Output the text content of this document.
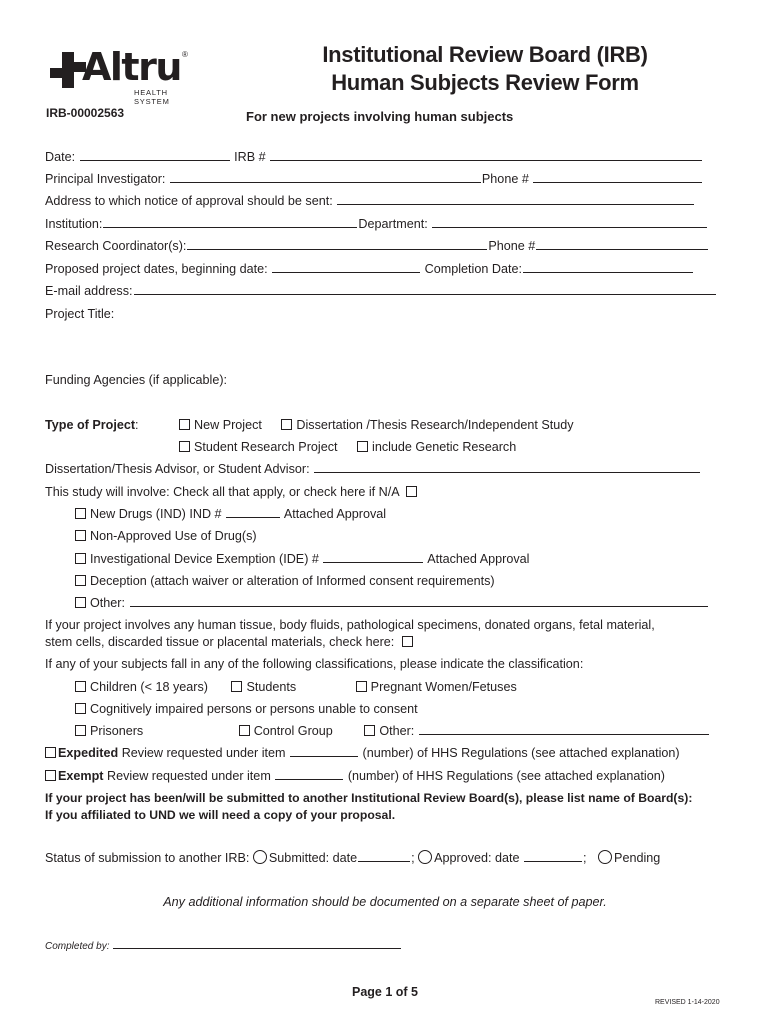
Altru ®
HEALTH SYSTEM
Institutional Review Board (IRB)
Human Subjects Review Form
IRB-00002563	For new projects involving human subjects
Date:	IRB #
Principal Investigator:	Phone #
Address to which notice of approval should be sent:
Institution:	Department:
Research Coordinator(s):	Phone #
Proposed project dates, beginning date:	Completion Date:
E-mail address:
Project Title:
Funding Agencies (if applicable):
Type of Project:	New Project	Dissertation /Thesis Research/Independent Study
Student Research Project	include Genetic Research
Dissertation/Thesis Advisor, or Student Advisor:
This study will involve: Check all that apply, or check here if N/A
New Drugs (IND) IND #	Attached Approval
Non-Approved Use of Drug(s)
Investigational Device Exemption (IDE) #	Attached Approval
Deception (attach waiver or alteration of Informed consent requirements)
Other:
If your project involves any human tissue, body fluids, pathological specimens, donated organs, fetal material,
stem cells, discarded tissue or placental materials, check here:
If any of your subjects fall in any of the following classifications, please indicate the classification:
Children (< 18 years)	Students	Pregnant Women/Fetuses
Cognitively impaired persons or persons unable to consent
Prisoners	Control Group	Other:
Expedited Review requested under item	(number) of HHS Regulations (see attached explanation)
Exempt Review requested under item	(number) of HHS Regulations (see attached explanation)
If your project has been/will be submitted to another Institutional Review Board(s), please list name of Board(s):
If you affiliated to UND we will need a copy of your proposal.
Status of submission to another IRB: Submitted: date	; Approved: date	; Pending
Any additional information should be documented on a separate sheet of paper.
Completed by:
Page 1 of 5
REVISED 1-14-2020
